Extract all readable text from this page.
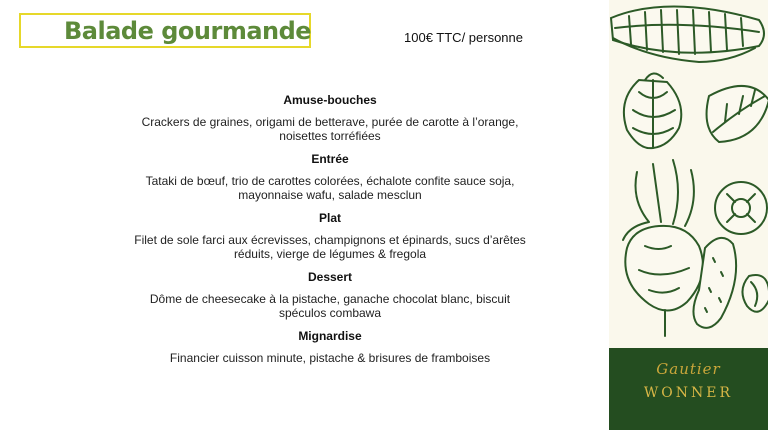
Balade gourmande	100€ TTC/ personne
Amuse-bouches
Crackers de graines, origami de betterave, purée de carotte à l’orange,
noisettes torréfiées
Entrée
Tataki de bœuf, trio de carottes colorées, échalote confite sauce soja,
mayonnaise wafu, salade mesclun
Plat
Filet de sole farci aux écrevisses, champignons et épinards, sucs d’arêtes
réduits, vierge de légumes & fregola
Dessert
Dôme de cheesecake à la pistache, ganache chocolat blanc, biscuit
spéculos combawa
Mignardise
Financier cuisson minute, pistache & brisures de framboises
Gautier
WONNER
